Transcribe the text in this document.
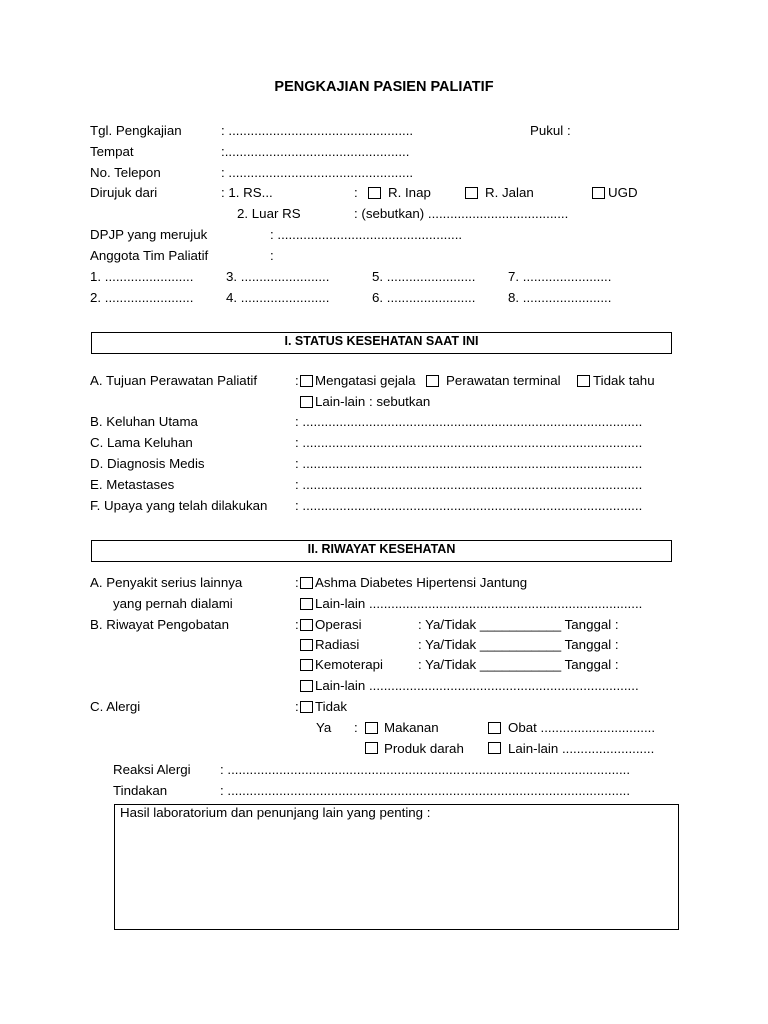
PENGKAJIAN PASIEN PALIATIF
Tgl. Pengkajian	: ..................................................	Pukul :
Tempat	:..................................................
No. Telepon	: ..................................................
Dirujuk dari	: 1. RS...	: R. Inap	R. Jalan	UGD
2. Luar RS	: (sebutkan) ......................................
DPJP yang merujuk	: ..................................................
Anggota Tim Paliatif	:
1. ........................ 3. ........................	5. ........................ 7. ........................
2. ........................ 4. ........................	6. ........................ 8. ........................
I. STATUS KESEHATAN SAAT INI
A. Tujuan Perawatan Paliatif	: Mengatasi gejala Perawatan terminal Tidak tahu
Lain-lain : sebutkan
B. Keluhan Utama	: ............................................................................................
C. Lama Keluhan	: ............................................................................................
D. Diagnosis Medis	: ............................................................................................
E. Metastases	: ............................................................................................
F. Upaya yang telah dilakukan : ............................................................................................
II. RIWAYAT KESEHATAN
A. Penyakit serius lainnya	: Ashma Diabetes Hipertensi Jantung
yang pernah dialami	Lain-lain ..........................................................................
B. Riwayat Pengobatan	: Operasi	: Ya/Tidak ___________ Tanggal :
Radiasi	: Ya/Tidak ___________ Tanggal :
Kemoterapi	: Ya/Tidak ___________ Tanggal :
Lain-lain .........................................................................
C. Alergi	: Tidak
Ya : Makanan	Obat ...............................
Produk darah	Lain-lain .........................
Reaksi Alergi : .............................................................................................................
Tindakan	: .............................................................................................................
Hasil laboratorium dan penunjang lain yang penting :
